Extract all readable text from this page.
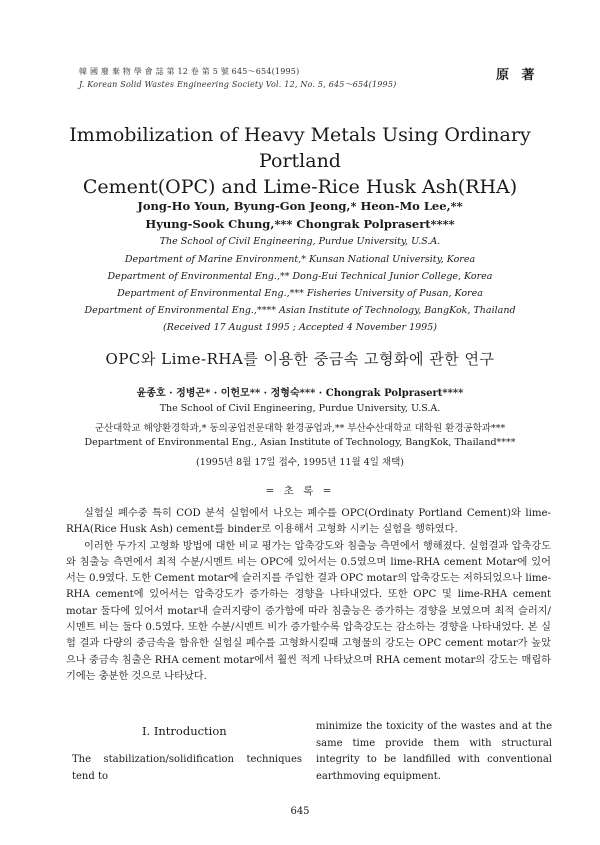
韓 國 廢 棄 物 學 會 誌 第 12 卷 第 5 號 645〜654(1995)
J. Korean Solid Wastes Engineering Society Vol. 12, No. 5, 645〜654(1995)
原 著
Immobilization of Heavy Metals Using Ordinary Portland
Cement(OPC) and Lime-Rice Husk Ash(RHA)
Jong-Ho Youn, Byung-Gon Jeong,* Heon-Mo Lee,**
Hyung-Sook Chung,*** Chongrak Polprasert****
The School of Civil Engineering, Purdue University, U.S.A.
Department of Marine Environment,* Kunsan National University, Korea
Department of Environmental Eng.,** Dong-Eui Technical Junior College, Korea
Department of Environmental Eng.,*** Fisheries University of Pusan, Korea
Department of Environmental Eng.,**** Asian Institute of Technology, BangKok, Thailand
(Received 17 August 1995 ; Accepted 4 November 1995)
OPC와 Lime-RHA를 이용한 중금속 고형화에 관한 연구
윤종호 · 정병곤* · 이헌모** · 정형숙*** · Chongrak Polprasert****
The School of Civil Engineering, Purdue University, U.S.A.
군산대학교 해양환경학과,* 동의공업전문대학 환경공업과,** 부산수산대학교 대학원 환경공학과***
Department of Environmental Eng., Asian Institute of Technology, BangKok, Thailand****
(1995년 8월 17일 접수, 1995년 11월 4일 채택)
= 초 록 =

실험실 폐수중 특히 COD 분석 실험에서 나오는 폐수를 OPC(Ordinaty Portland Cement)와 lime-RHA(Rice Husk Ash) cement를 binder로 이용해서 고형화 시키는 실험을 행하였다.

이러한 두가지 고형화 방법에 대한 비교 평가는 압축강도와 침출능 측면에서 행해졌다. 실험결과 압축강도와 침출능 측면에서 최적 수분/시멘트 비는 OPC에 있어서는 0.5였으며 lime-RHA cement Motar에 있어서는 0.9였다. 도한 Cement motar에 슬러지를 주입한 결과 OPC motar의 압축강도는 저하되었으나 lime-RHA cement에 있어서는 압축강도가 증가하는 경향을 나타내었다. 또한 OPC 및 lime-RHA cement motar 둘다에 있어서 motar내 슬러지량이 증가함에 따라 침출능은 증가하는 경향을 보였으며 최적 슬러지/시멘트 비는 둘다 0.5였다. 또한 수분/시멘트 비가 증가할수록 압축강도는 감소하는 경향을 나타내었다. 본 실험 결과 다량의 중금속을 함유한 실험실 폐수를 고형화시킬때 고형물의 강도는 OPC cement motar가 높았으나 중금속 침출은 RHA cement motar에서 훨씬 적게 나타났으며 RHA cement motar의 강도는 매립하기에는 충분한 것으로 나타났다.

Ⅰ. Introduction
The stabilization/solidification techniques tend to
minimize the toxicity of the wastes and at the same time provide them with structural integrity to be landfilled with conventional earthmoving equipment.
645
